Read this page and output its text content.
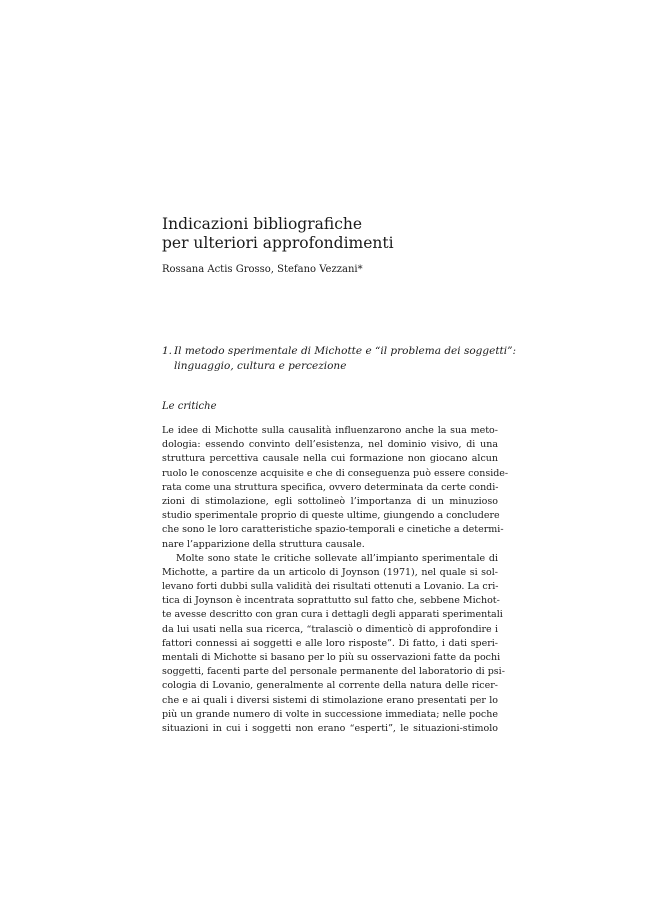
Indicazioni bibliografiche
per ulteriori approfondimenti
Rossana Actis Grosso, Stefano Vezzani*
1. Il metodo sperimentale di Michotte e “il problema dei soggetti”:
linguaggio, cultura e percezione
Le critiche
Le idee di Michotte sulla causalità influenzarono anche la sua meto-
dologia: essendo convinto dell’esistenza, nel dominio visivo, di una
struttura percettiva causale nella cui formazione non giocano alcun
ruolo le conoscenze acquisite e che di conseguenza può essere conside-
rata come una struttura specifica, ovvero determinata da certe condi-
zioni di stimolazione, egli sottolineò l’importanza di un minuzioso
studio sperimentale proprio di queste ultime, giungendo a concludere
che sono le loro caratteristiche spazio-temporali e cinetiche a determi-
nare l’apparizione della struttura causale.
Molte sono state le critiche sollevate all’impianto sperimentale di
Michotte, a partire da un articolo di Joynson (1971), nel quale si sol-
levano forti dubbi sulla validità dei risultati ottenuti a Lovanio. La cri-
tica di Joynson è incentrata soprattutto sul fatto che, sebbene Michot-
te avesse descritto con gran cura i dettagli degli apparati sperimentali
da lui usati nella sua ricerca, “tralasciò o dimenticò di approfondire i
fattori connessi ai soggetti e alle loro risposte”. Di fatto, i dati speri-
mentali di Michotte si basano per lo più su osservazioni fatte da pochi
soggetti, facenti parte del personale permanente del laboratorio di psi-
cologia di Lovanio, generalmente al corrente della natura delle ricer-
che e ai quali i diversi sistemi di stimolazione erano presentati per lo
più un grande numero di volte in successione immediata; nelle poche
situazioni in cui i soggetti non erano “esperti”, le situazioni-stimolo
